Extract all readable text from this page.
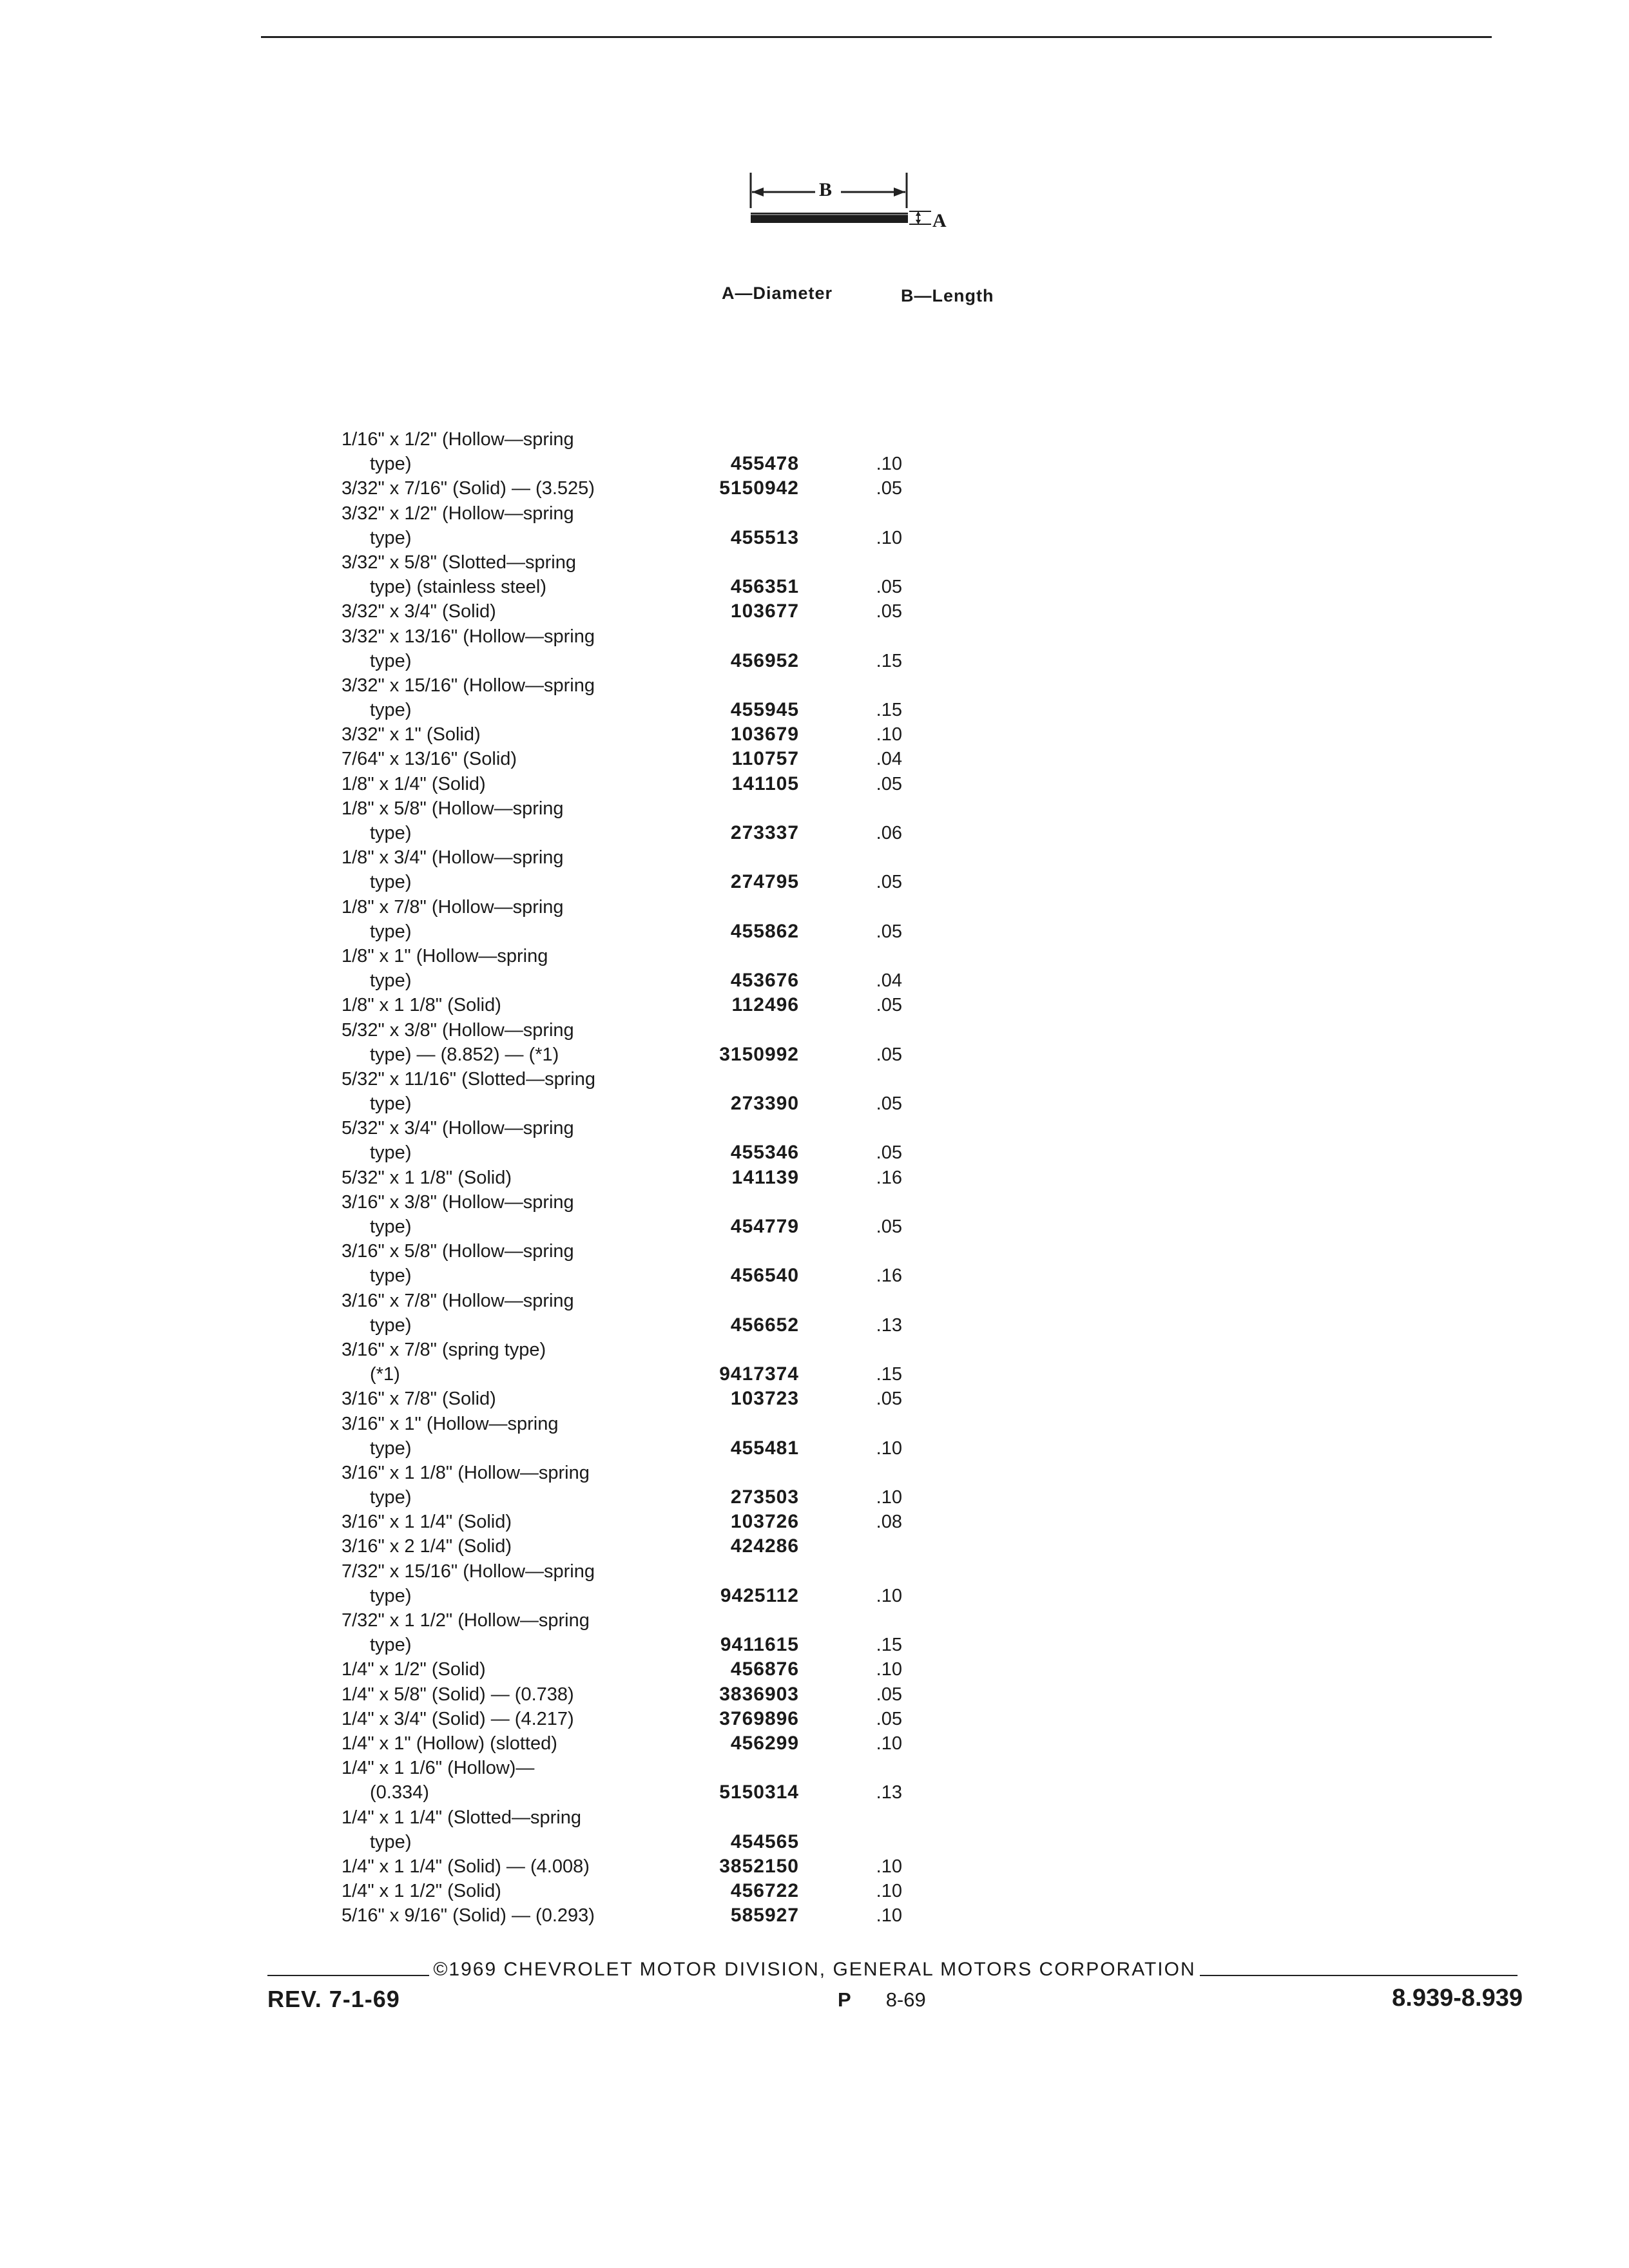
B
A
A—Diameter	B—Length
1/16" x 1/2" (Hollow—spring
type)	455478	.10
3/32" x 7/16" (Solid) — (3.525)	5150942	.05
3/32" x 1/2" (Hollow—spring
type)	455513	.10
3/32" x 5/8" (Slotted—spring
type) (stainless steel)	456351	.05
3/32" x 3/4" (Solid)	103677	.05
3/32" x 13/16" (Hollow—spring
type)	456952	.15
3/32" x 15/16" (Hollow—spring
type)	455945	.15
3/32" x 1" (Solid)	103679	.10
7/64" x 13/16" (Solid)	110757	.04
1/8" x 1/4" (Solid)	141105	.05
1/8" x 5/8" (Hollow—spring
type)	273337	.06
1/8" x 3/4" (Hollow—spring
type)	274795	.05
1/8" x 7/8" (Hollow—spring
type)	455862	.05
1/8" x 1" (Hollow—spring
type)	453676	.04
1/8" x 1 1/8" (Solid)	112496	.05
5/32" x 3/8" (Hollow—spring
type) — (8.852) — (*1)	3150992	.05
5/32" x 11/16" (Slotted—spring
type)	273390	.05
5/32" x 3/4" (Hollow—spring
type)	455346	.05
5/32" x 1 1/8" (Solid)	141139	.16
3/16" x 3/8" (Hollow—spring
type)	454779	.05
3/16" x 5/8" (Hollow—spring
type)	456540	.16
3/16" x 7/8" (Hollow—spring
type)	456652	.13
3/16" x 7/8" (spring type)
(*1)	9417374	.15
3/16" x 7/8" (Solid)	103723	.05
3/16" x 1" (Hollow—spring
type)	455481	.10
3/16" x 1 1/8" (Hollow—spring
type)	273503	.10
3/16" x 1 1/4" (Solid)	103726	.08
3/16" x 2 1/4" (Solid)	424286
7/32" x 15/16" (Hollow—spring
type)	9425112	.10
7/32" x 1 1/2" (Hollow—spring
type)	9411615	.15
1/4" x 1/2" (Solid)	456876	.10
1/4" x 5/8" (Solid) — (0.738)	3836903	.05
1/4" x 3/4" (Solid) — (4.217)	3769896	.05
1/4" x 1" (Hollow) (slotted)	456299	.10
1/4" x 1 1/6" (Hollow)—
(0.334)	5150314	.13
1/4" x 1 1/4" (Slotted—spring
type)	454565
1/4" x 1 1/4" (Solid) — (4.008)	3852150	.10
1/4" x 1 1/2" (Solid)	456722	.10
5/16" x 9/16" (Solid) — (0.293)	585927	.10
©1969 CHEVROLET MOTOR DIVISION, GENERAL MOTORS CORPORATION
REV. 7-1-69	P 8-69	8.939-8.939
